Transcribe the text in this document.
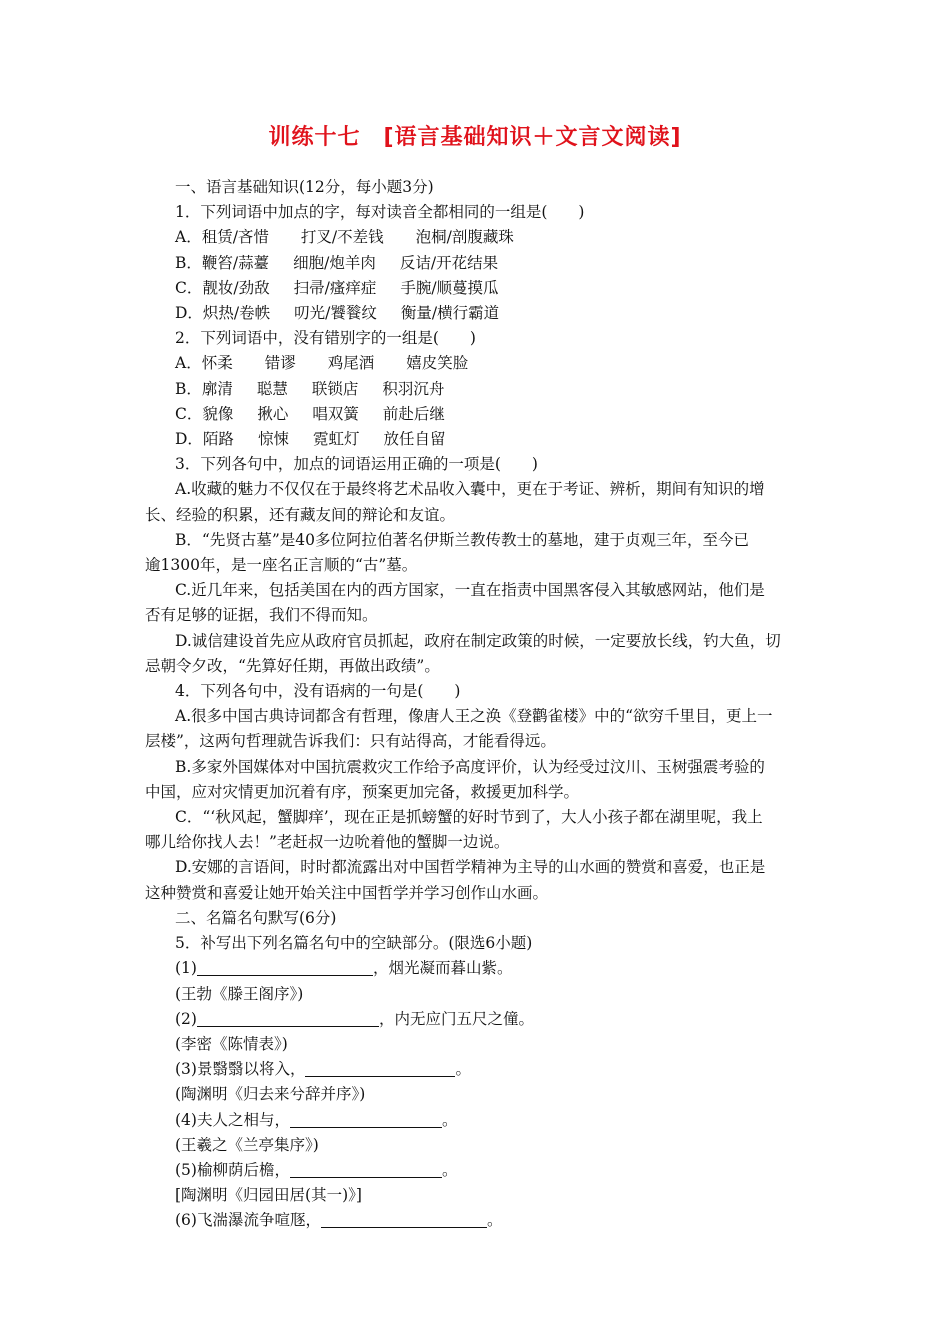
训练十七　[语言基础知识＋文言文阅读]
一、语言基础知识(12分，每小题3分)
1．下列词语中加点的字，每对读音全都相同的一组是(　　)
A．租赁/吝惜 打叉/不差钱 泡桐/剖腹藏珠
B．鞭笞/蒜薹 细胞/炮羊肉 反诘/开花结果
C．靓妆/劲敌 扫帚/瘙痒症 手腕/顺蔓摸瓜
D．炽热/卷帙 叨光/饕餮纹 衡量/横行霸道
2．下列词语中，没有错别字的一组是(　　)
A．怀柔 错谬 鸡尾酒 嬉皮笑脸
B．廓清 聪慧 联锁店 积羽沉舟
C．貌像 揪心 唱双簧 前赴后继
D．陌路 惊悚 霓虹灯 放任自留
3．下列各句中，加点的词语运用正确的一项是(　　)
A.收藏的魅力不仅仅在于最终将艺术品收入囊中，更在于考证、辨析，期间有知识的增
长、经验的积累，还有藏友间的辩论和友谊。
B．“先贤古墓”是40多位阿拉伯著名伊斯兰教传教士的墓地，建于贞观三年，至今已
逾1300年，是一座名正言顺的“古”墓。
C.近几年来，包括美国在内的西方国家，一直在指责中国黑客侵入其敏感网站，他们是
否有足够的证据，我们不得而知。
D.诚信建设首先应从政府官员抓起，政府在制定政策的时候，一定要放长线，钓大鱼，切
忌朝令夕改，“先算好任期，再做出政绩”。
4．下列各句中，没有语病的一句是(　　)
A.很多中国古典诗词都含有哲理，像唐人王之涣《登鹳雀楼》中的“欲穷千里目，更上一
层楼”，这两句哲理就告诉我们：只有站得高，才能看得远。
B.多家外国媒体对中国抗震救灾工作给予高度评价，认为经受过汶川、玉树强震考验的
中国，应对灾情更加沉着有序，预案更加完备，救援更加科学。
C．“‘秋风起，蟹脚痒’，现在正是抓螃蟹的好时节到了，大人小孩子都在湖里呢，我上
哪儿给你找人去！”老赶叔一边吮着他的蟹脚一边说。
D.安娜的言语间，时时都流露出对中国哲学精神为主导的山水画的赞赏和喜爱，也正是
这种赞赏和喜爱让她开始关注中国哲学并学习创作山水画。
二、名篇名句默写(6分)
5．补写出下列名篇名句中的空缺部分。(限选6小题)
(1)	，烟光凝而暮山紫。
(王勃《滕王阁序》)
(2)	，内无应门五尺之僮。
(李密《陈情表》)
(3)景翳翳以将入，	。
(陶渊明《归去来兮辞并序》)
(4)夫人之相与，	。
(王羲之《兰亭集序》)
(5)榆柳荫后檐，	。
[陶渊明《归园田居(其一)》]
(6)飞湍瀑流争喧豗，	。
